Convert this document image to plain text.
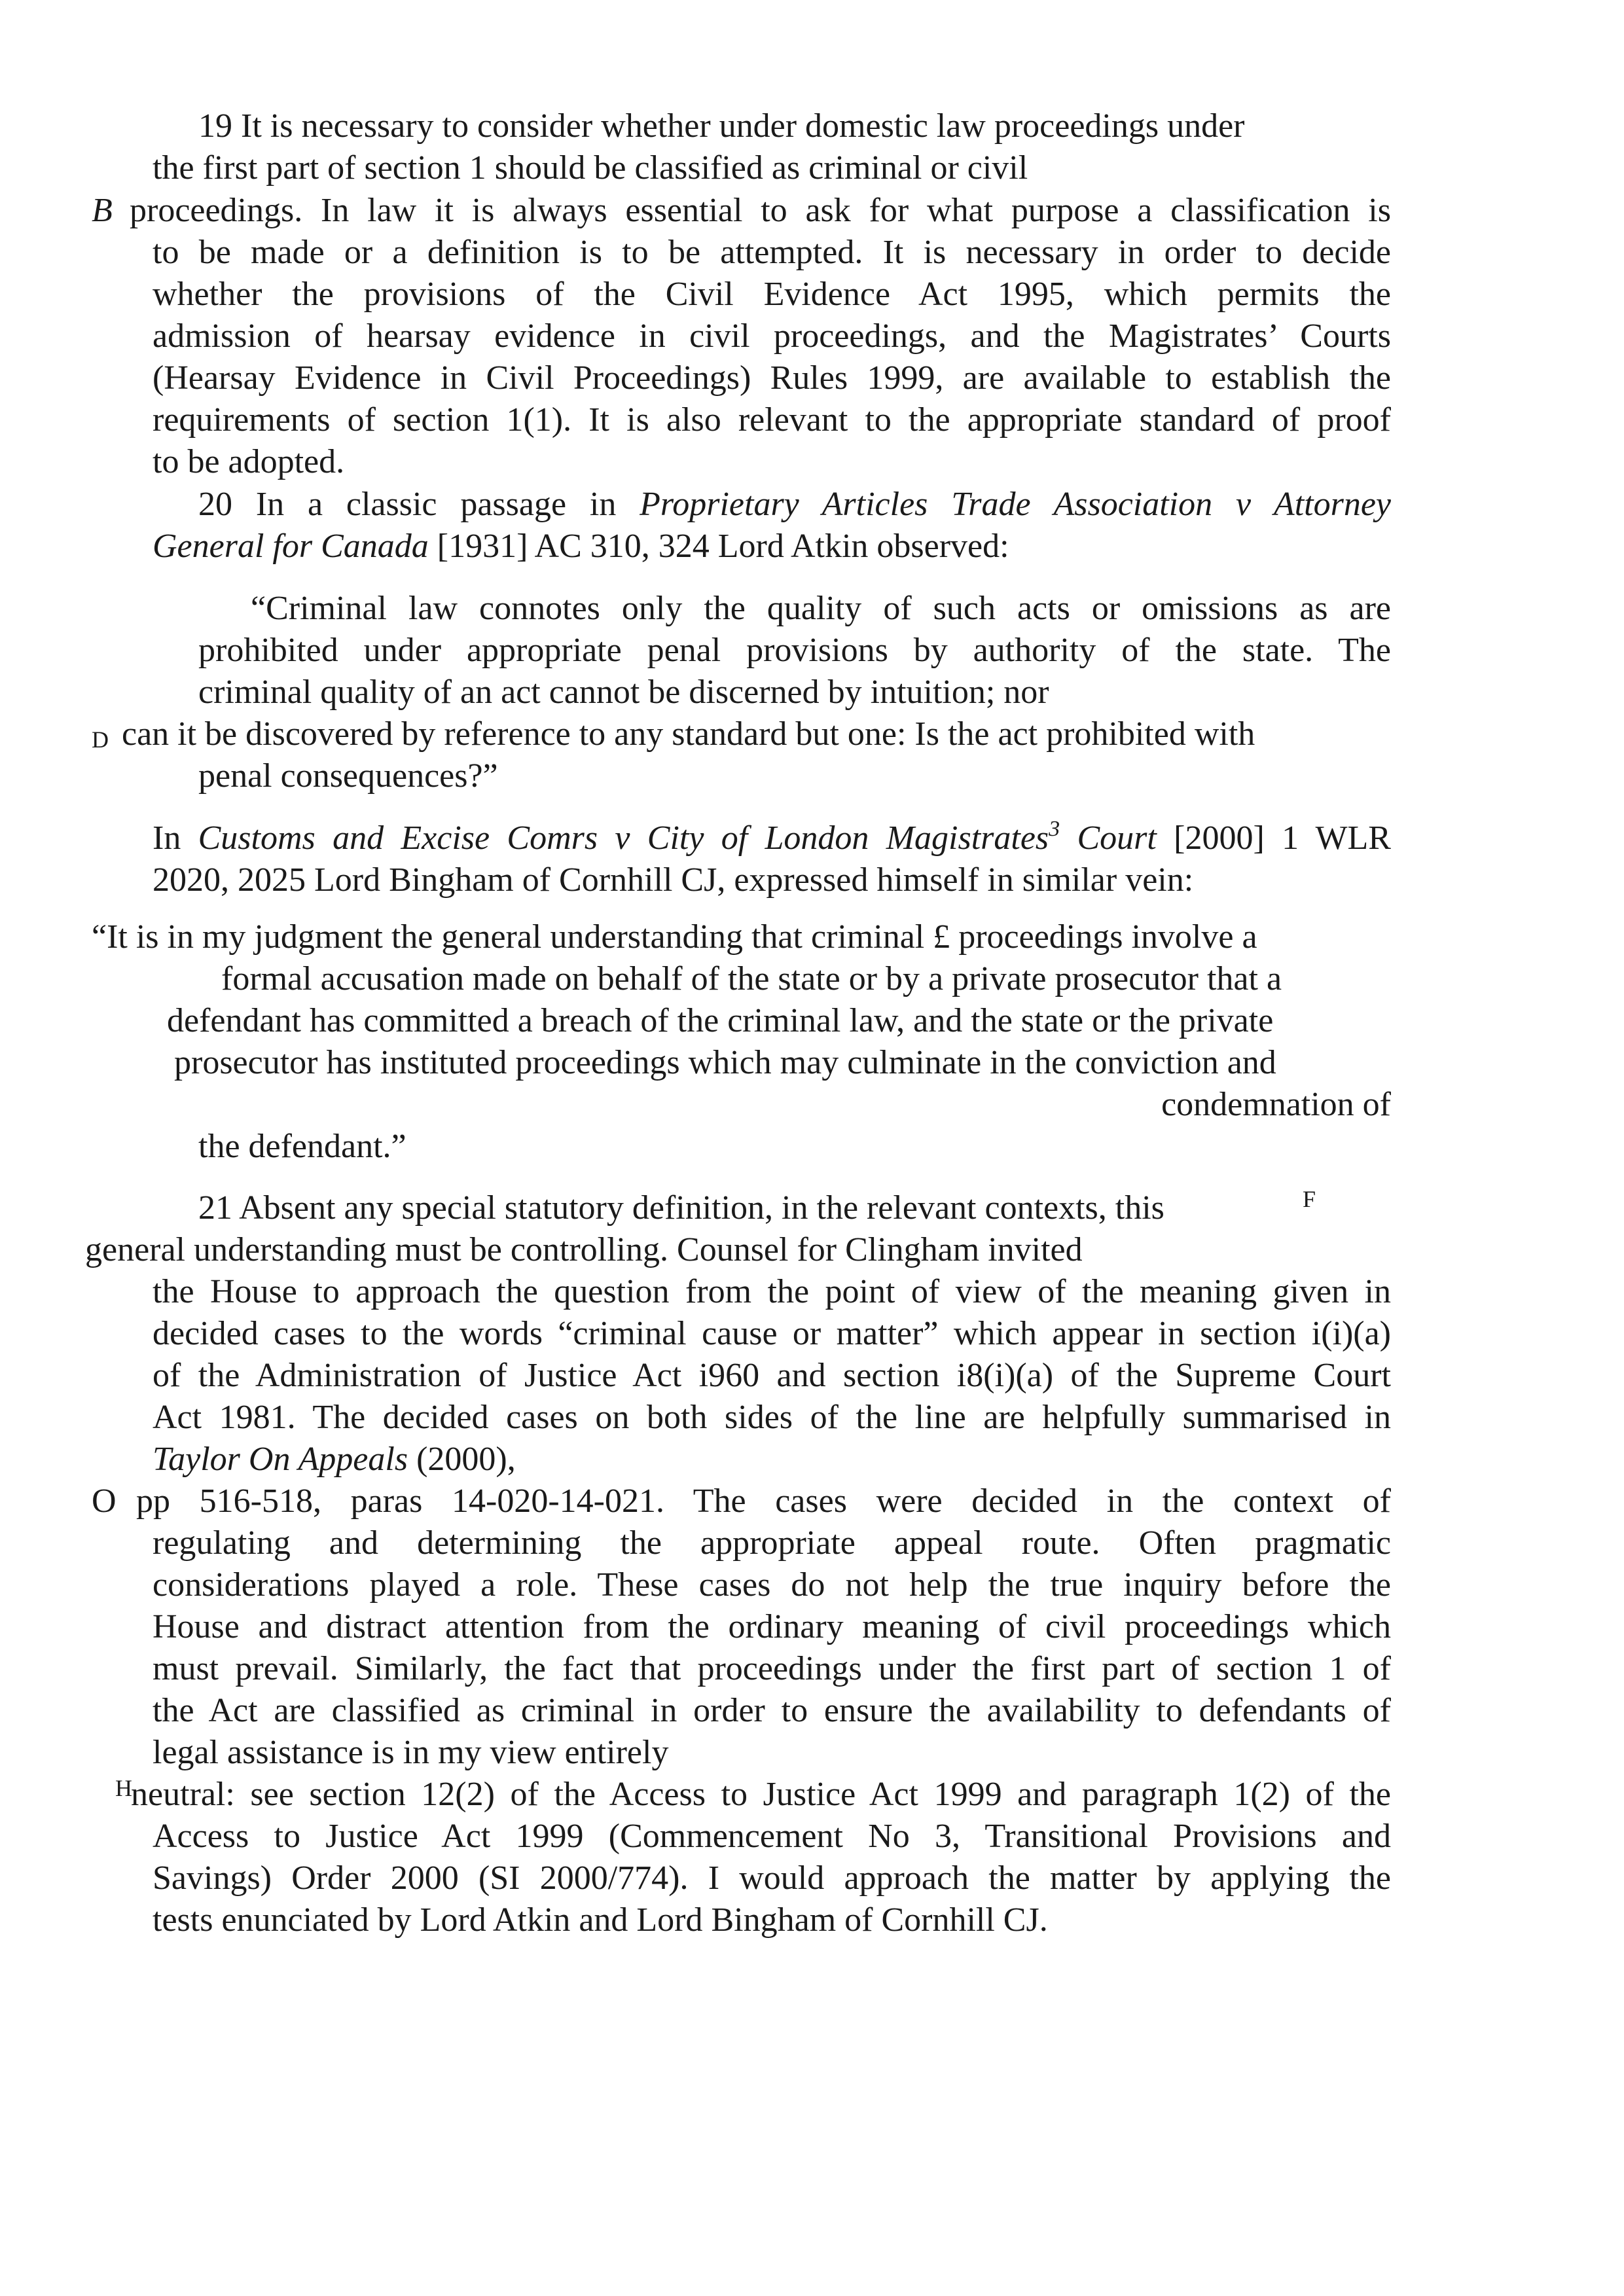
19 It is necessary to consider whether under domestic law proceedings under

the first part of section 1 should be classified as criminal or civil

B proceedings. In law it is always essential to ask for what purpose a classification is

to be made or a definition is to be attempted. It is necessary in order to decide

whether the provisions of the Civil Evidence Act 1995, which permits the

admission of hearsay evidence in civil proceedings, and the Magistrates’ Courts

(Hearsay Evidence in Civil Proceedings) Rules 1999, are available to establish the

requirements of section 1(1). It is also relevant to the appropriate standard of proof

to be adopted.

20 In a classic passage in Proprietary Articles Trade Association v Attorney

General for Canada [1931] AC 310, 324 Lord Atkin observed:

“Criminal law connotes only the quality of such acts or omissions as are

prohibited under appropriate penal provisions by authority of the state. The

criminal quality of an act cannot be discerned by intuition; nor

D can it be discovered by reference to any standard but one: Is the act prohibited with

penal consequences?”

In Customs and Excise Comrs v City of London Magistrates$^3$ Court [2000] 1 WLR

2020, 2025 Lord Bingham of Cornhill CJ, expressed himself in similar vein:

“It is in my judgment the general understanding that criminal £ proceedings involve a

formal accusation made on behalf of the state or by a private prosecutor that a

defendant has committed a breach of the criminal law, and the state or the private

prosecutor has instituted proceedings which may culminate in the conviction and

condemnation of

the defendant.”

21 Absent any special statutory definition, in the relevant contexts, this	F

general understanding must be controlling. Counsel for Clingham invited

the House to approach the question from the point of view of the meaning given in

decided cases to the words “criminal cause or matter” which appear in section i(i)(a)

of the Administration of Justice Act i960 and section i8(i)(a) of the Supreme Court

Act 1981. The decided cases on both sides of the line are helpfully summarised in

Taylor On Appeals (2000),

O pp 516-518, paras 14-020-14-021. The cases were decided in the context of

regulating and determining the appropriate appeal route. Often pragmatic

considerations played a role. These cases do not help the true inquiry before the

House and distract attention from the ordinary meaning of civil proceedings which

must prevail. Similarly, the fact that proceedings under the first part of section 1 of

the Act are classified as criminal in order to ensure the availability to defendants of

legal assistance is in my view entirely

H

neutral: see section 12(2) of the Access to Justice Act 1999 and paragraph 1(2) of the

Access to Justice Act 1999 (Commencement No 3, Transitional Provisions and

Savings) Order 2000 (SI 2000/774). I would approach the matter by applying the

tests enunciated by Lord Atkin and Lord Bingham of Cornhill CJ.
